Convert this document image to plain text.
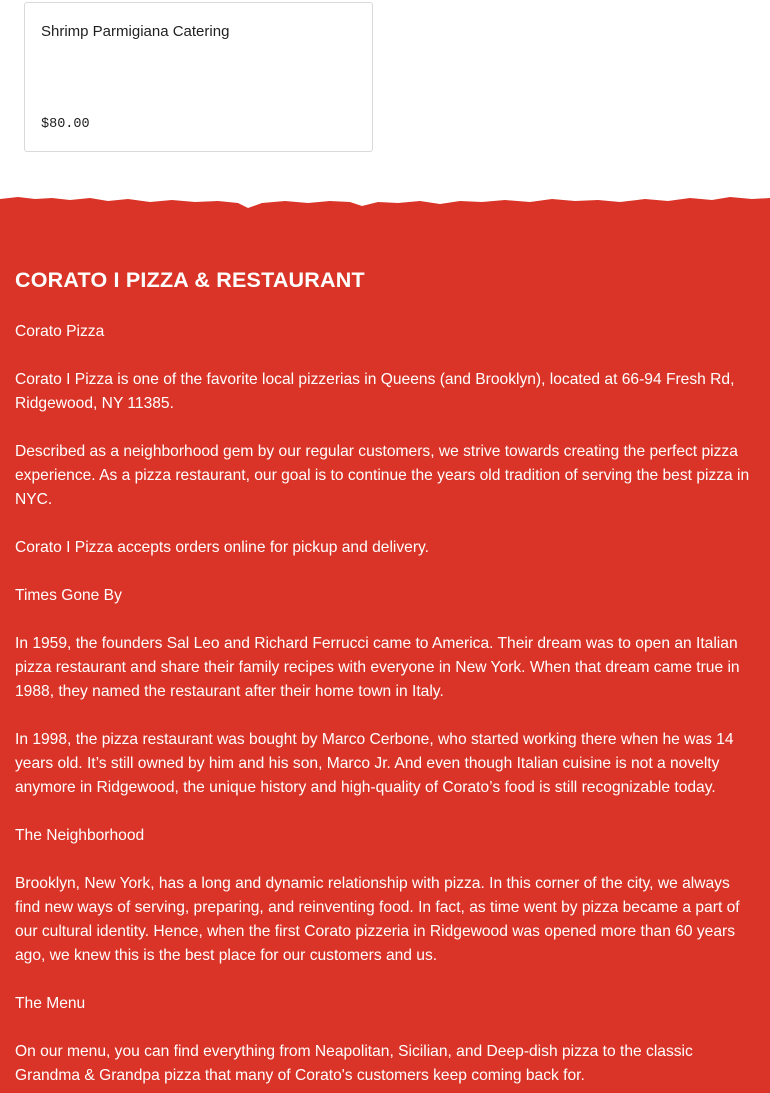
Shrimp Parmigiana Catering
$80.00
CORATO I PIZZA & RESTAURANT

Corato Pizza

Corato I Pizza is one of the favorite local pizzerias in Queens (and Brooklyn), located at 66-94 Fresh Rd, Ridgewood, NY 11385.

Described as a neighborhood gem by our regular customers, we strive towards creating the perfect pizza experience. As a pizza restaurant, our goal is to continue the years old tradition of serving the best pizza in NYC.

Corato I Pizza accepts orders online for pickup and delivery.

Times Gone By

In 1959, the founders Sal Leo and Richard Ferrucci came to America. Their dream was to open an Italian pizza restaurant and share their family recipes with everyone in New York. When that dream came true in 1988, they named the restaurant after their home town in Italy.

In 1998, the pizza restaurant was bought by Marco Cerbone, who started working there when he was 14 years old. It’s still owned by him and his son, Marco Jr. And even though Italian cuisine is not a novelty anymore in Ridgewood, the unique history and high-quality of Corato’s food is still recognizable today.

The Neighborhood

Brooklyn, New York, has a long and dynamic relationship with pizza. In this corner of the city, we always find new ways of serving, preparing, and reinventing food. In fact, as time went by pizza became a part of our cultural identity. Hence, when the first Corato pizzeria in Ridgewood was opened more than 60 years ago, we knew this is the best place for our customers and us.

The Menu

On our menu, you can find everything from Neapolitan, Sicilian, and Deep-dish pizza to the classic Grandma & Grandpa pizza that many of Corato's customers keep coming back for.
